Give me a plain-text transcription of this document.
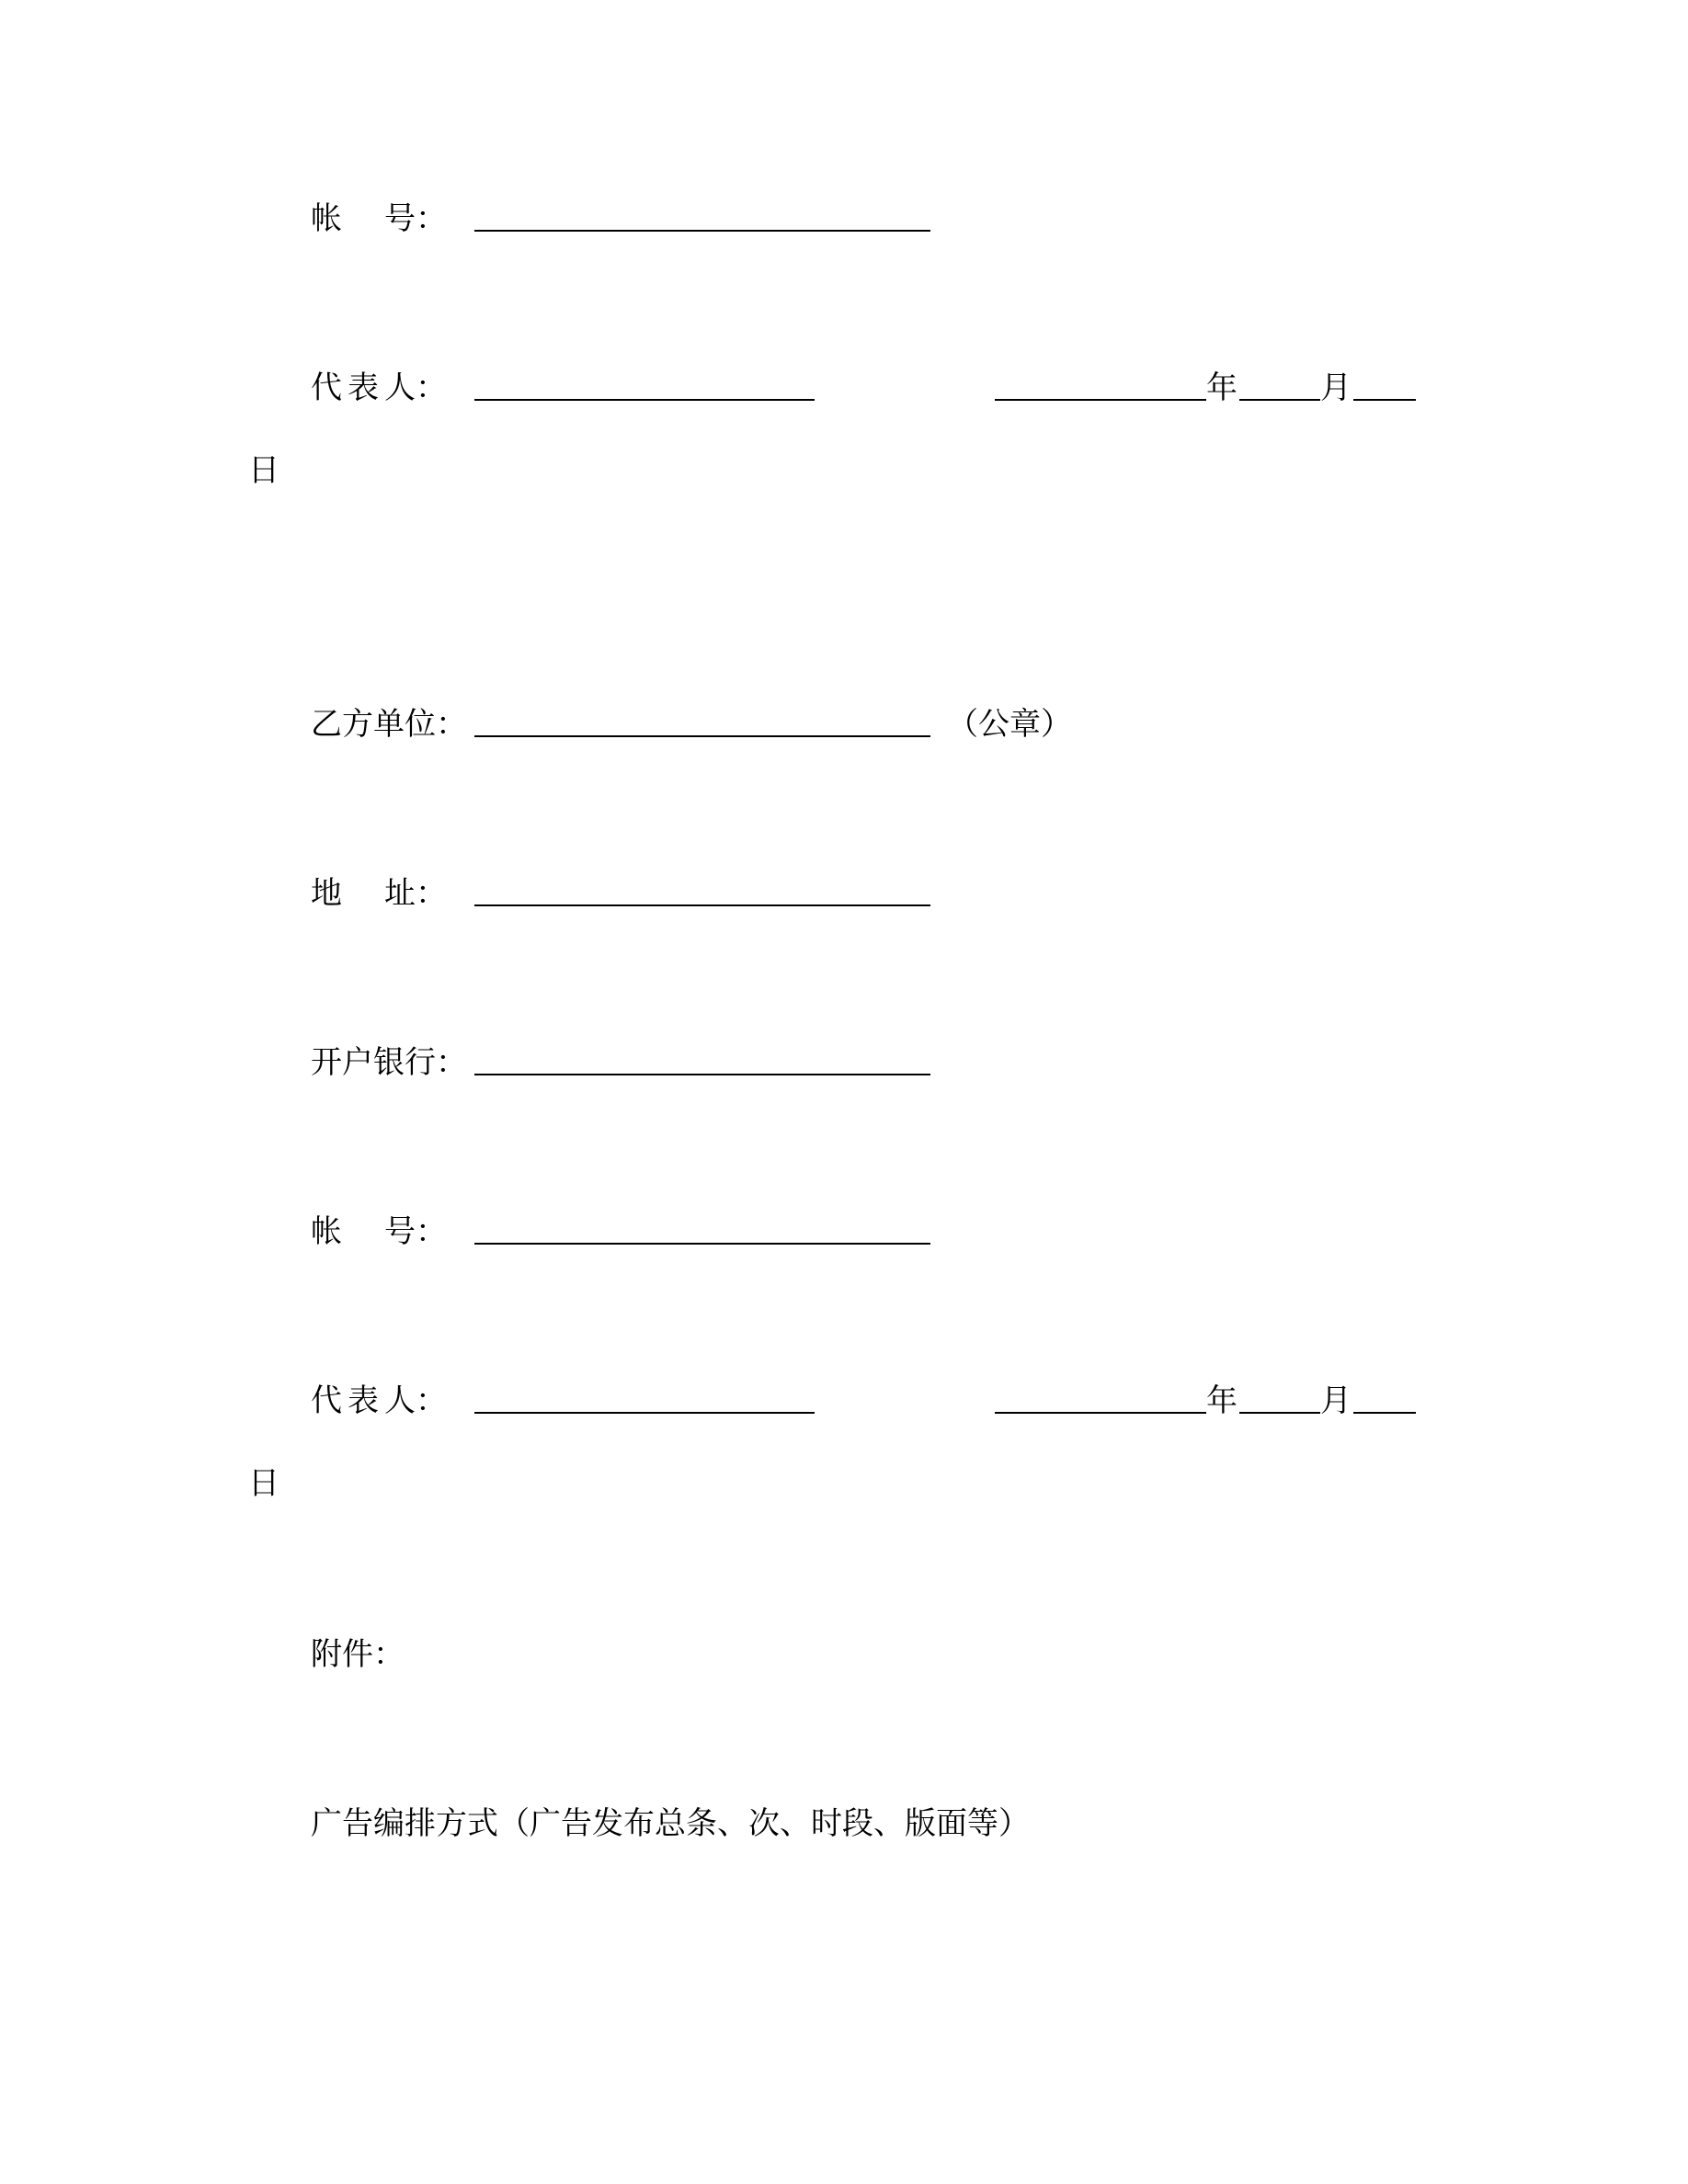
帐 号：
代 表 人：	年	月
日
乙方单位：	（公章）
地 址：
开户银行：
帐 号：
代 表 人：	年	月
日
附件：
广告编排方式（广告发布总条、次、时段、版面等）
